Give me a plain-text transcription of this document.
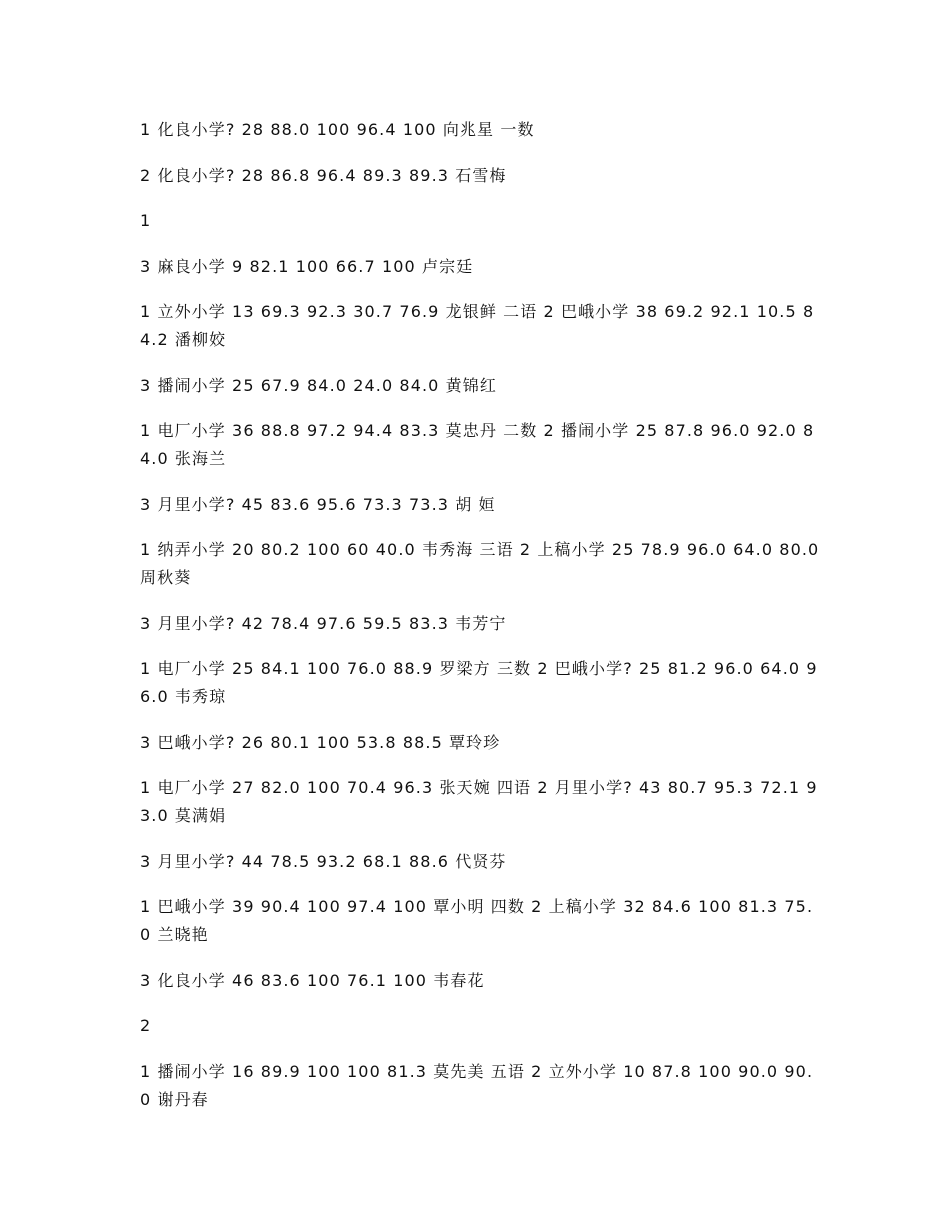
1 化良小学? 28 88.0 100 96.4 100 向兆星 一数

2 化良小学? 28 86.8 96.4 89.3 89.3 石雪梅

1

3 麻良小学 9 82.1 100 66.7 100 卢宗廷

1 立外小学 13 69.3 92.3 30.7 76.9 龙银鲜 二语 2 巴峨小学 38 69.2 92.1 10.5 84.2 潘柳姣

3 播闹小学 25 67.9 84.0 24.0 84.0 黄锦红

1 电厂小学 36 88.8 97.2 94.4 83.3 莫忠丹 二数 2 播闹小学 25 87.8 96.0 92.0 84.0 张海兰

3 月里小学? 45 83.6 95.6 73.3 73.3 胡 姮

1 纳弄小学 20 80.2 100 60 40.0 韦秀海 三语 2 上稿小学 25 78.9 96.0 64.0 80.0 周秋葵

3 月里小学? 42 78.4 97.6 59.5 83.3 韦芳宁

1 电厂小学 25 84.1 100 76.0 88.9 罗梁方 三数 2 巴峨小学? 25 81.2 96.0 64.0 96.0 韦秀琼

3 巴峨小学? 26 80.1 100 53.8 88.5 覃玲珍

1 电厂小学 27 82.0 100 70.4 96.3 张天婉 四语 2 月里小学? 43 80.7 95.3 72.1 93.0 莫满娟

3 月里小学? 44 78.5 93.2 68.1 88.6 代贤芬

1 巴峨小学 39 90.4 100 97.4 100 覃小明 四数 2 上稿小学 32 84.6 100 81.3 75.0 兰晓艳

3 化良小学 46 83.6 100 76.1 100 韦春花

2

1 播闹小学 16 89.9 100 100 81.3 莫先美 五语 2 立外小学 10 87.8 100 90.0 90.0 谢丹春
